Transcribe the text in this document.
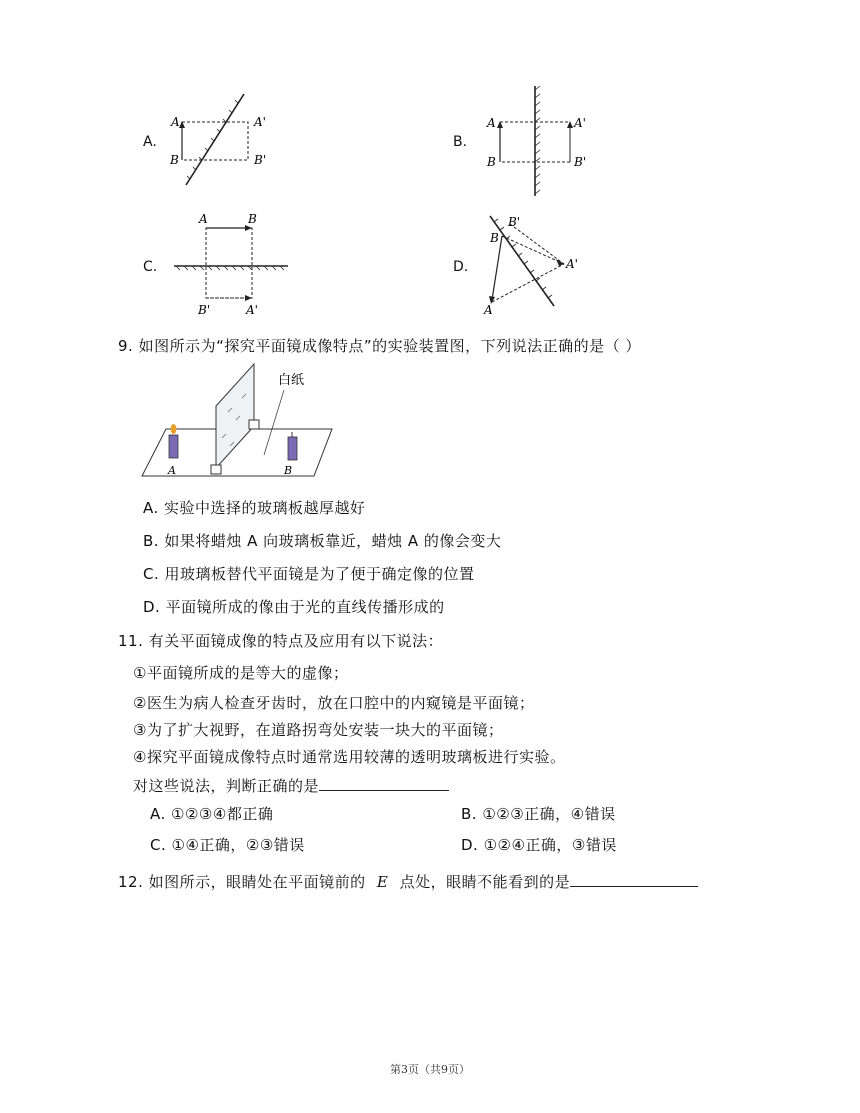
A.
A
B
A'
B'
B.
A
B
A'
B'
C.
A	B
B'	A'
D.
B'
B
A'
A
9. 如图所示为“探究平面镜成像特点”的实验装置图，下列说法正确的是（ ）
白纸
A	B
A. 实验中选择的玻璃板越厚越好
B. 如果将蜡烛 A 向玻璃板靠近，蜡烛 A 的像会变大
C. 用玻璃板替代平面镜是为了便于确定像的位置
D. 平面镜所成的像由于光的直线传播形成的
11. 有关平面镜成像的特点及应用有以下说法：
①平面镜所成的是等大的虚像；
②医生为病人检查牙齿时，放在口腔中的内窥镜是平面镜；
③为了扩大视野，在道路拐弯处安装一块大的平面镜；
④探究平面镜成像特点时通常选用较薄的透明玻璃板进行实验。
对这些说法，判断正确的是
A. ①②③④都正确	B. ①②③正确，④错误
C. ①④正确，②③错误	D. ①②④正确，③错误
12. 如图所示，眼睛处在平面镜前的 E 点处，眼睛不能看到的是
第3页（共9页）
